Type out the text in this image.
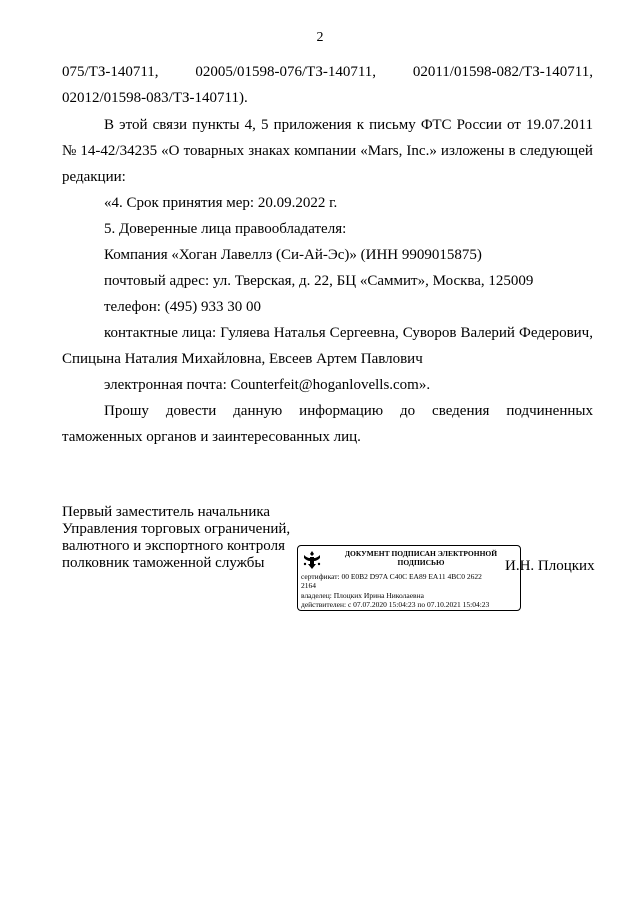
2
075/ТЗ-140711, 02005/01598-076/ТЗ-140711, 02011/01598-082/ТЗ-140711,
02012/01598-083/ТЗ-140711).
В этой связи пункты 4, 5 приложения к письму ФТС России от 19.07.2011
№ 14-42/34235 «О товарных знаках компании «Mars, Inc.» изложены в следующей
редакции:
«4. Срок принятия мер: 20.09.2022 г.
5. Доверенные лица правообладателя:
Компания «Хоган Лавеллз (Си-Ай-Эс)» (ИНН 9909015875)
почтовый адрес: ул. Тверская, д. 22, БЦ «Саммит», Москва, 125009
телефон: (495) 933 30 00
контактные лица: Гуляева Наталья Сергеевна, Суворов Валерий Федерович,
Спицына Наталия Михайловна, Евсеев Артем Павлович
электронная почта: Counterfeit@hoganlovells.com».
Прошу довести данную информацию до сведения подчиненных
таможенных органов и заинтересованных лиц.
Первый заместитель начальника
Управления торговых ограничений,
валютного и экспортного контроля
полковник таможенной службы
ДОКУМЕНТ ПОДПИСАН ЭЛЕКТРОННОЙ
ПОДПИСЬЮ
сертификат: 00 E0B2 D97A C40C EA89 EA11 4BC0 2622
2164
владелец: Плоцких Ирина Николаевна
действителен: с 07.07.2020 15:04:23 по 07.10.2021 15:04:23
И.Н. Плоцких
